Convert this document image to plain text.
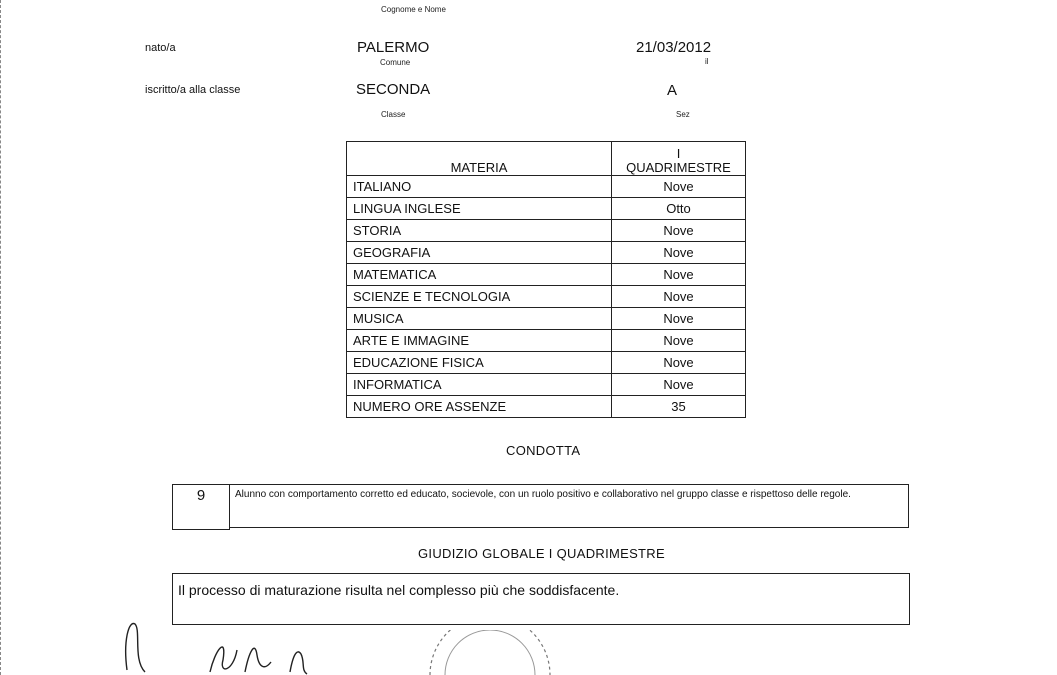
Cognome e Nome
nato/a	PALERMO
Comune
21/03/2012
il
iscritto/a alla classe	SECONDA
Classe
A
Sez
MATERIA	I
QUADRIMESTRE
ITALIANO	Nove
LINGUA INGLESE	Otto
STORIA	Nove
GEOGRAFIA	Nove
MATEMATICA	Nove
SCIENZE E TECNOLOGIA	Nove
MUSICA	Nove
ARTE E IMMAGINE	Nove
EDUCAZIONE FISICA	Nove
INFORMATICA	Nove
NUMERO ORE ASSENZE	35
CONDOTTA
9	Alunno con comportamento corretto ed educato, socievole, con un ruolo positivo e collaborativo nel gruppo classe e rispettoso delle regole.
GIUDIZIO GLOBALE I QUADRIMESTRE
Il processo di maturazione risulta nel complesso più che soddisfacente.
